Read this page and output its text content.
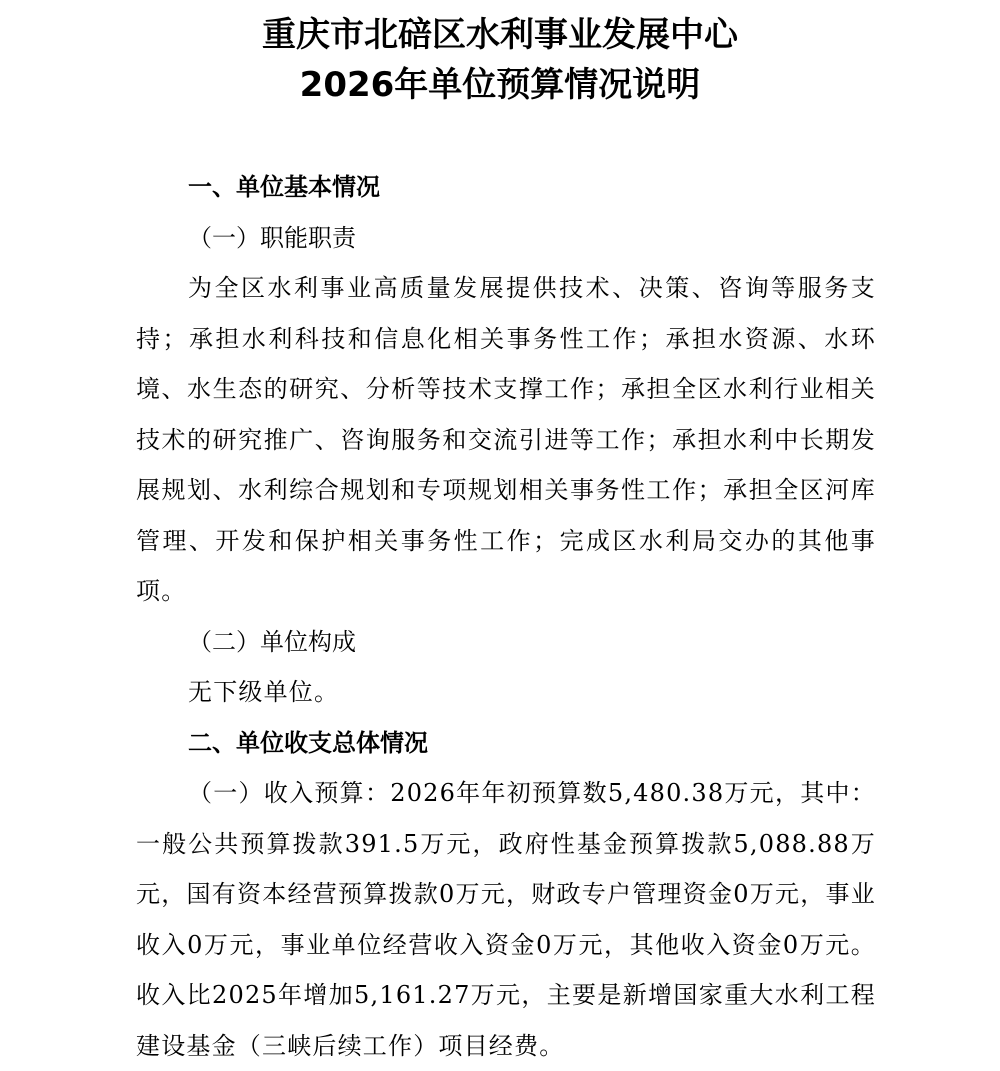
重庆市北碚区水利事业发展中心
2026年单位预算情况说明

一、单位基本情况

（一）职能职责

为全区水利事业高质量发展提供技术、决策、咨询等服务支持；承担水利科技和信息化相关事务性工作；承担水资源、水环境、水生态的研究、分析等技术支撑工作；承担全区水利行业相关技术的研究推广、咨询服务和交流引进等工作；承担水利中长期发展规划、水利综合规划和专项规划相关事务性工作；承担全区河库管理、开发和保护相关事务性工作；完成区水利局交办的其他事项。

（二）单位构成

无下级单位。

二、单位收支总体情况

（一）收入预算：2026年年初预算数5,480.38万元，其中：一般公共预算拨款391.5万元，政府性基金预算拨款5,088.88万元，国有资本经营预算拨款0万元，财政专户管理资金0万元，事业收入0万元，事业单位经营收入资金0万元，其他收入资金0万元。收入比2025年增加5,161.27万元，主要是新增国家重大水利工程建设基金（三峡后续工作）项目经费。
